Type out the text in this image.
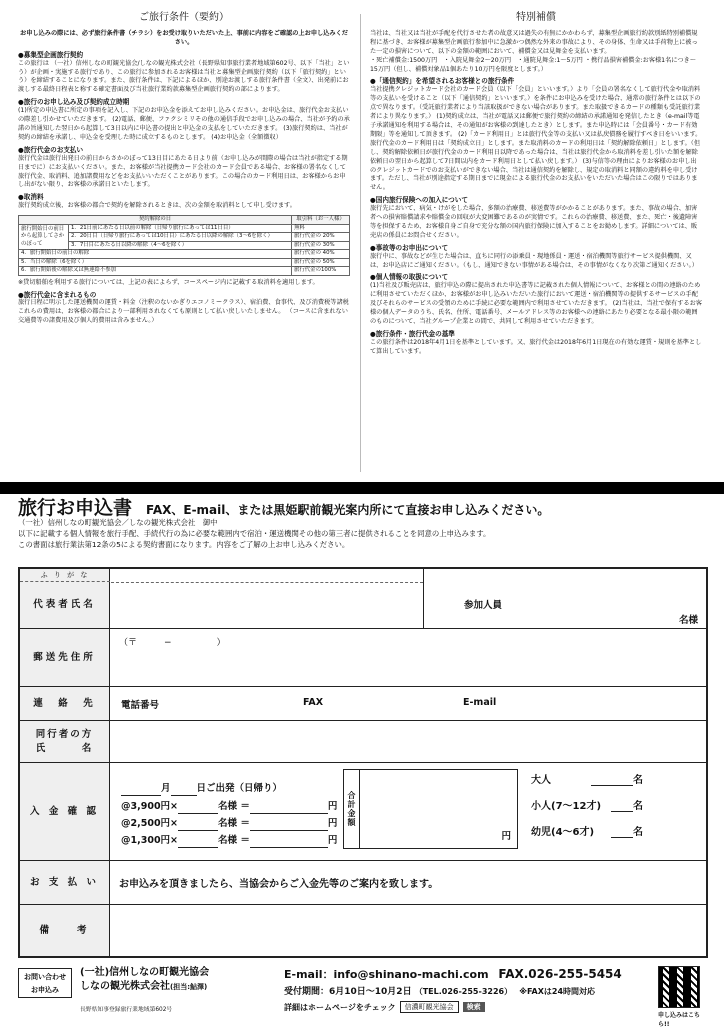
ご旅行条件（要約）

お申し込みの際には、必ず旅行条件書（チラシ）をお受け取りいただいた上、事前に内容をご確認の上お申し込みください。

●募集型企画旅行契約

この旅行は （一社）信州しなの町観光協会/しなの観光株式会社（長野県知事旅行業者地域第602号、以下「当社」という）が企画・実施する旅行であり、この旅行に参加されるお客様は当社と募集型企画旅行契約（以下「旅行契約」という）を締結することになります。また、旅行条件は、下記によるほか、別途お渡しする旅行条件書（全文）、出発前にお渡しする最終日程表と称する確定書面及び当社旅行業約款募集型企画旅行契約の部によります。

●旅行のお申し込み及び契約成立時期

(1)所定の申込書に所定の事項を記入し、下記のお申込金を添えてお申し込みください。お申込金は、旅行代金お支払いの際差し引かせていただきます。 (2)電話、郵便、ファクシミリその他の通信手段でお申し込みの場合、当社が予約の承諾の旨通知した翌日から起算して3日以内に申込書の提出と申込金の支払をしていただきます。 (3)旅行契約は、当社が契約の締結を承諾し、申込金を受理した時に成立するものとします。 (4)お申込金（全額徴収）

●旅行代金のお支払い

旅行代金は旅行出発日の前日からさかのぼって13日目にあたる日より前（お申し込みが間際の場合は当社が指定する期日までに）にお支払いください。また、お客様が当社提携カード会社のカード会員である場合、お客様の署名なくして旅行代金、取消料、追加諸費用などをお支払いいただくことがあります。この場合のカード利用日は、お客様からお申し出がない限り、お客様の承諾日といたします。

●取消料

旅行契約成立後、お客様の都合で契約を解除されるときは、次の金額を取消料として申し受けます。

契約解除の日		取引料（お一人様）
旅行開始日の前日から起算してさかのぼって	1．21日前にあたる日以前の解除（日帰り旅行にあっては11日目）	無料
	2．20日目（日帰り旅行にあっては10日目）にあたる日以降の解除（3～6を除く）	旅行代金の 20%
	3．7日目にあたる日以降の解除（4～6を除く）	旅行代金の 30%
4．旅行開始日の前日の解除		旅行代金の 40%
5．当日の解除（6を除く）		旅行代金の 50%
6．旅行開始後の解除又は無連絡不参加		旅行代金の100%

※貸切船舶を利用する旅行については、上記の表によらず、コースページ内に記載する取消料を適用します。

●旅行代金に含まれるもの

旅行日程に明示した運送機関の運賃・料金（注釈のないかぎりエコノミークラス）、宿泊費、食事代、及び消費税等諸税これらの費用は、お客様の都合により一部利用されなくても原則として払い戻しいたしません。 （コースに含まれない交通費等の諸費用及び個人的費用は含みません。）

特別補償

当社は、当社又は当社が手配を代行させた者の故意又は過失の有無にかかわらず、募集型企画旅行約款別紙特別補償規程に基づき、お客様が募集型企画旅行参加中に急激かつ偶然な外来の事故により、その身体、生命又は手荷物上に被った一定の損害について、以下の金額の範囲において、補償金又は見舞金を支払います。

・死亡補償金:1500万円　・入院見舞金2～20万円　・通院見舞金:1～5万円 ・携行品損害補償金:お客様1名につき～15万円（但し、補償対象品1個あたり10万円を限度とします。）

●「通信契約」を希望されるお客様との旅行条件

当社提携クレジットカード会社のカード会員（以下「会員」といいます。）より「会員の署名なくして旅行代金や取消料等の支払いを受けること（以下「通信契約」といいます。）を条件にお申込みを受けた場合、通常の旅行条件とは以下の点で異なります。（受託旅行業者により当該取扱ができない場合があります。また取扱できるカードの種類も受託旅行業者により異なります。） (1)契約成立は、当社が電話又は郵便で旅行契約の締結の承諾通知を発信したとき（e-mail等電子承諾通知を利用する場合は、その通知がお客様の到達したとき）とします。また申込時には「会員番号・カード有効期限」等を通知して頂きます。 (2)「カード利用日」とは旅行代金等の支払い又は払戻債務を履行すべき日をいいます。旅行代金のカード利用日は「契約成立日」とします。また取消料のカードの利用日は「契約解除依頼日」とします。（但し、契約解除依頼日が旅行代金のカード利用日以降であった場合は、当社は旅行代金から取消料を差し引いた額を解除依頼日の翌日から起算して7日間以内をカード利用日として払い戻します。） (3)与信等の理由によりお客様のお申し出のクレジットカードでのお支払いができない場合、当社は通信契約を解除し、規定の取消料と同額の違約料を申し受けます。ただし、当社が別途指定する期日までに現金による旅行代金のお支払いをいただいた場合はこの限りではありません。

●国内旅行保険への加入について

旅行先において、病気・けがをした場合、多額の治療費、移送費等がかかることがあります。また、事故の場合、加害者への損害賠償請求や賠償金の回収が大変困難であるのが実情です。これらの治療費、移送費、また、死亡・後遺障害等を担保するため、お客様自身ご自身で充分な額の国内旅行保険に加入することをお勧めします。詳細については、販売店の係員にお問合せください。

●事故等のお申出について

旅行中に、事故などが生じた場合は、直ちに同行の添乗員・現地係員・運送・宿泊機関等旅行サービス提供機関、又は、お申込店にご通知ください。（もし、通知できない事情がある場合は、その事情がなくなり次第ご通知ください。）

●個人情報の取扱について

(1)当社及び販売店は、旅行申込の際に提出された申込書等に記載された個人情報について、お客様との間の連絡のために利用させていただくほか、お客様がお申し込みいただいた旅行において運送・宿泊機関等の提供するサービスの手配及びそれらのサービスの受領のために手続に必要な範囲内で利用させていただきます。 (2)当社は、当社で保有するお客様の個人データのうち、氏名、住所、電話番号、メールアドレス等のお客様への連絡にあたり必要となる最小限の範囲のものについて、当社グループ企業との間で、共同して利用させていただきます。

●旅行条件・旅行代金の基準

この旅行条件は2018年4月1日を基準としています。又、旅行代金は2018年6月1日現在の有効な運賃・規則を基準として算出しています。

旅行お申込書 FAX、E-mail、または黒姫駅前観光案内所にて直接お申し込みください。
（一社）信州しなの町観光協会／しなの観光株式会社　御中
以下に記載する個人情報を旅行手配、手続代行の為に必要な範囲内で宿泊・運送機関その他の第三者に提供されることを同意の上申込みます。
この書面は旅行業法第12条の5による契約書面になります。内容をご了解の上お申し込みください。
代表者氏名
ふ り が な
参加人員
名様
郵送先住所
（〒　　　−　　　　　）
連　絡　先	電話番号	FAX	E-mail
同行者の方
氏　　　名
入 金 確 認
月	日ご出発（日帰り）
@3,900円×	名様 ＝	円
@2,500円×	名様 ＝	円
@1,300円×	名様 ＝	円
合計金額
円
大人	名
小人(7～12才)	名
幼児(4～6才)	名
お 支 払 い	お申込みを頂きましたら、当協会からご入金先等のご案内を致します。
備　　考
お問い合わせ
お申込み
(一社)信州しなの町観光協会
しなの観光株式会社(担当:鮎澤)
長野県知事登録旅行業地域第602号
E-mail：info@shinano-machi.com FAX.026-255-5454
受付期間：6月10日～10月2日 （TEL.026-255-3226） ※FAXは24時間対応
詳細はホームページをチェック	信濃町観光協会	検索
申し込みはこちら!!
